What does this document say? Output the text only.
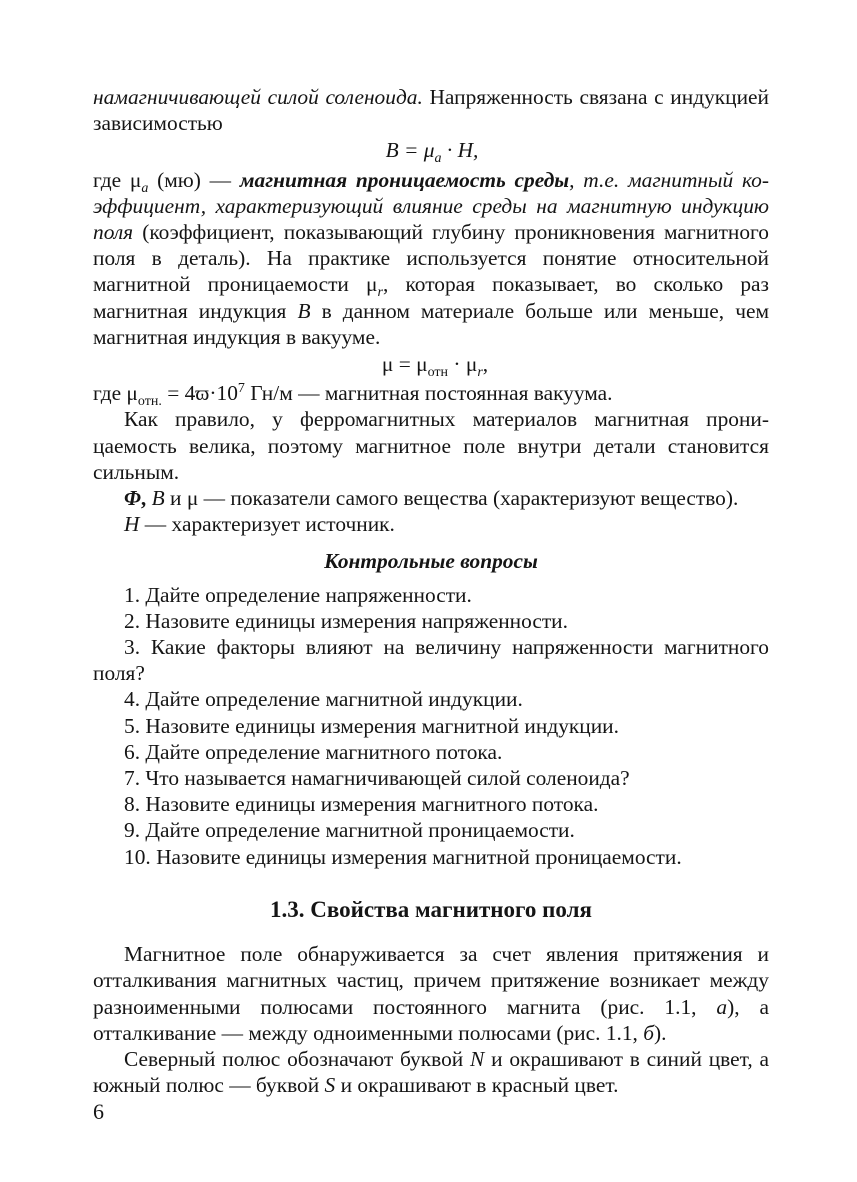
намагничивающей силой соленоида. Напряженность связана с индукцией зависимостью

$B = \mu_a \cdot H$,

где $\mu_a$ (мю) — магнитная проницаемость среды, т.е. магнитный коэффициент, характеризующий влияние среды на магнитную индукцию поля (коэффициент, показывающий глубину проникновения магнитного поля в деталь). На практике используется понятие относительной магнитной проницаемости $\mu_r$, которая показывает, во сколько раз магнитная индукция B в данном материале больше или меньше, чем магнитная индукция в вакууме.

$\mu = \mu_{отн} \cdot \mu_r$,

где $\mu_{отн.} = 4ϖ\cdot 10^7$ Гн/м — магнитная постоянная вакуума.

Как правило, у ферромагнитных материалов магнитная проницаемость велика, поэтому магнитное поле внутри детали становится сильным.

Φ, B и μ — показатели самого вещества (характеризуют вещество).

H — характеризует источник.

Контрольные вопросы

1. Дайте определение напряженности.

2. Назовите единицы измерения напряженности.

3. Какие факторы влияют на величину напряженности магнитного поля?

4. Дайте определение магнитной индукции.

5. Назовите единицы измерения магнитной индукции.

6. Дайте определение магнитного потока.

7. Что называется намагничивающей силой соленоида?

8. Назовите единицы измерения магнитного потока.

9. Дайте определение магнитной проницаемости.

10. Назовите единицы измерения магнитной проницаемости.

1.3. Свойства магнитного поля

Магнитное поле обнаруживается за счет явления притяжения и отталкивания магнитных частиц, причем притяжение возникает между разноименными полюсами постоянного магнита (рис. 1.1, а), а отталкивание — между одноименными полюсами (рис. 1.1, б).

Северный полюс обозначают буквой N и окрашивают в синий цвет, а южный полюс — буквой S и окрашивают в красный цвет.

6
